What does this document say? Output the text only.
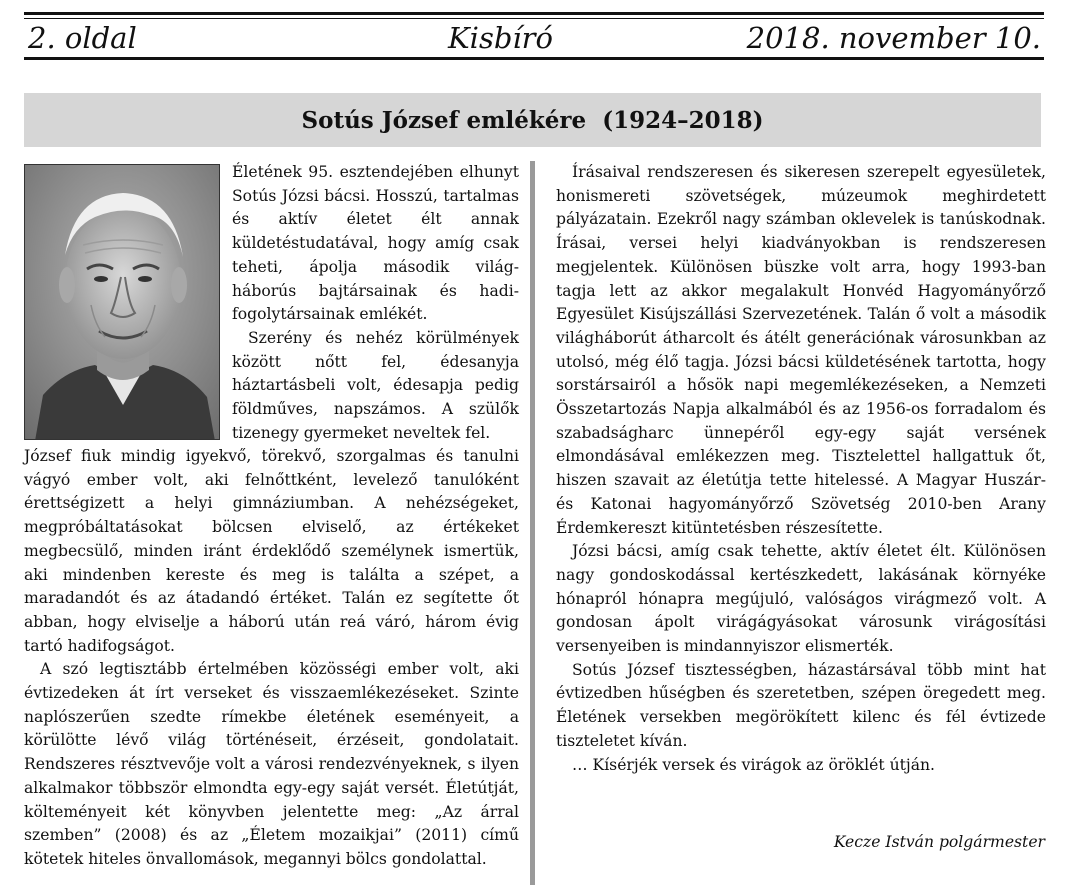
2. oldal	Kisbíró	2018. november 10.
Sotús József emlékére  (1924–2018)

Életének 95. esztendejében elhunyt Sotús Józsi bácsi. Hosszú, tartalmas és aktív életet élt annak küldetéstudatával, hogy amíg csak teheti, ápolja második világ-háborús bajtársainak és hadi-fogolytársainak emlékét.

Szerény és nehéz körülmények között nőtt fel, édesanyja háztartásbeli volt, édesapja pedig földműves, napszámos. A szülők tizenegy gyermeket neveltek fel.

József fiuk mindig igyekvő, törekvő, szorgalmas és tanulni vágyó ember volt, aki felnőttként, levelező tanulóként érettségizett a helyi gimnáziumban. A nehézségeket, megpróbáltatásokat bölcsen elviselő, az értékeket megbecsülő, minden iránt érdeklődő személynek ismertük, aki mindenben kereste és meg is találta a szépet, a maradandót és az átadandó értéket. Talán ez segítette őt abban, hogy elviselje a háború után reá váró, három évig tartó hadifogságot.

A szó legtisztább értelmében közösségi ember volt, aki évtizedeken át írt verseket és visszaemlékezéseket. Szinte naplószerűen szedte rímekbe életének eseményeit, a körülötte lévő világ történéseit, érzéseit, gondolatait. Rendszeres résztvevője volt a városi rendezvényeknek, s ilyen alkalmakor többször elmondta egy-egy saját versét. Életútját, költeményeit két könyvben jelentette meg: „Az árral szemben” (2008) és az „Életem mozaikjai” (2011) című kötetek hiteles önvallomások, megannyi bölcs gondolattal.

Írásaival rendszeresen és sikeresen szerepelt egyesületek, honismereti szövetségek, múzeumok meghirdetett pályázatain. Ezekről nagy számban oklevelek is tanúskodnak. Írásai, versei helyi kiadványokban is rendszeresen megjelentek. Különösen büszke volt arra, hogy 1993-ban tagja lett az akkor megalakult Honvéd Hagyományőrző Egyesület Kisújszállási Szervezetének. Talán ő volt a második világháborút átharcolt és átélt generációnak városunkban az utolsó, még élő tagja. Józsi bácsi küldetésének tartotta, hogy sorstársairól a hősök napi megemlékezéseken, a Nemzeti Összetartozás Napja alkalmából és az 1956-os forradalom és szabadságharc ünnepéről egy-egy saját versének elmondásával emlékezzen meg. Tisztelettel hallgattuk őt, hiszen szavait az életútja tette hitelessé. A Magyar Huszár- és Katonai hagyományőrző Szövetség 2010-ben Arany Érdemkereszt kitüntetésben részesítette.

Józsi bácsi, amíg csak tehette, aktív életet élt. Különösen nagy gondoskodással kertészkedett, lakásának környéke hónapról hónapra megújuló, valóságos virágmező volt. A gondosan ápolt virágágyásokat városunk virágosítási versenyeiben is mindannyiszor elismerték.

Sotús József tisztességben, házastársával több mint hat évtizedben hűségben és szeretetben, szépen öregedett meg. Életének versekben megörökített kilenc és fél évtizede tiszteletet kíván.

… Kísérjék versek és virágok az öröklét útján.

Kecze István polgármester
